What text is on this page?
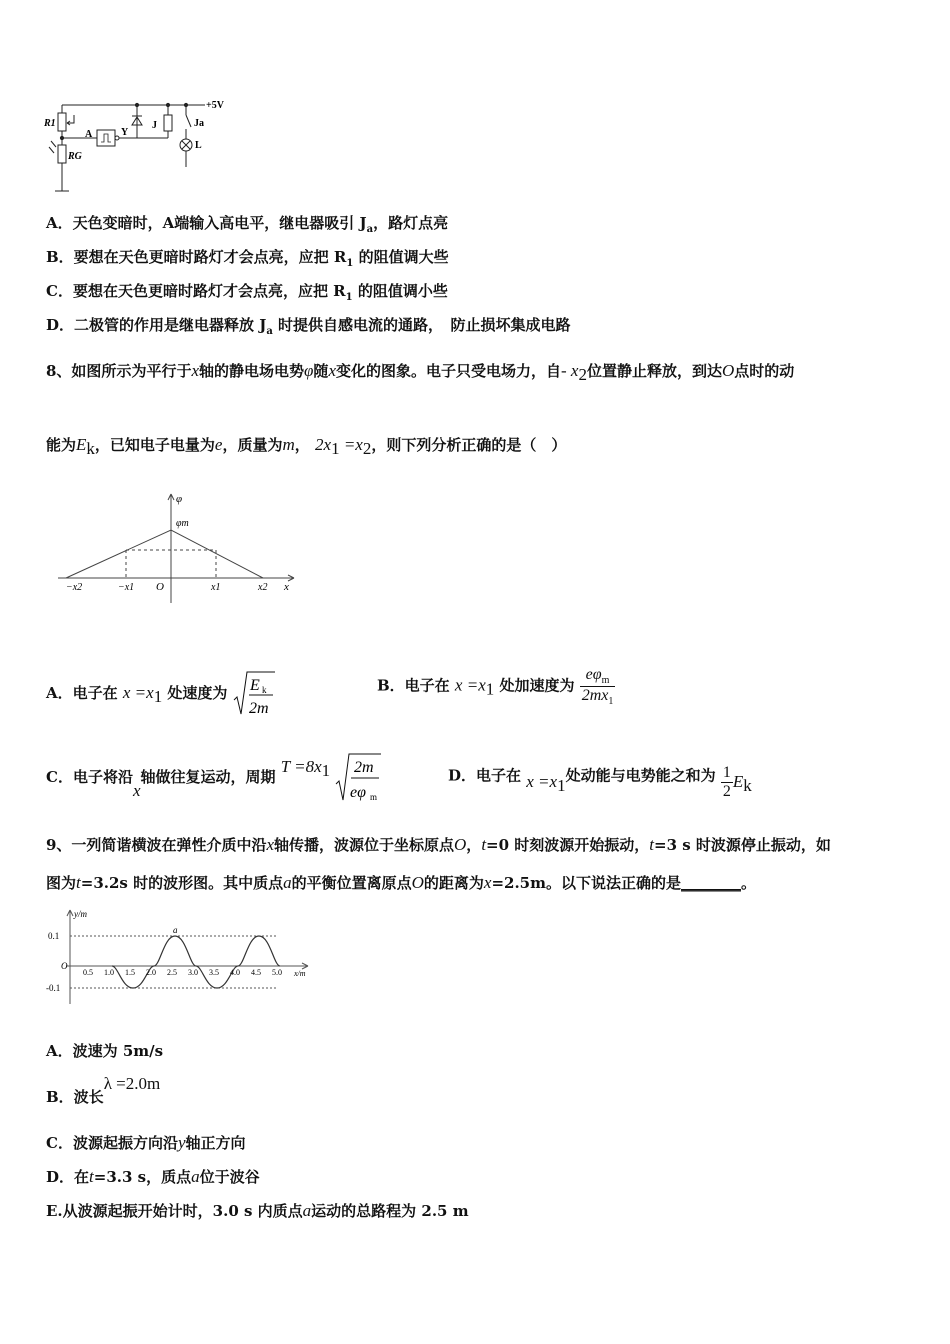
+5V
R1
A	Y
J	Ja
L
RG
A．天色变暗时，A端输入高电平，继电器吸引 $J_a$，路灯点亮
B．要想在天色更暗时路灯才会点亮，应把 $R_1$ 的阻值调大些
C．要想在天色更暗时路灯才会点亮，应把 $R_1$ 的阻值调小些
D．二极管的作用是继电器释放 $J_a$ 时提供自感电流的通路，　防止损坏集成电路
8、如图所示为平行于x轴的静电场电势φ随x变化的图象。电子只受电场力，自- $x_2$位置静止释放，到达O点时的动
能为$E_k$，已知电子电量为e，质量为m， $2x_1 =x_2$，则下列分析正确的是（　）
φ
φm
x
−x2	−x1 O	x1	x2
A．电子在 $x =x_1$ 处速度为 E k
2m
B．电子在 $x =x_1$ 处加速度为 $\frac{e\varphi_m}{2mx_1}$
C．电子将沿x轴做往复运动，周期 $T =8x_1$ 2m
eφ m
D．电子在 $x =x_1$处动能与电势能之和为 $\frac{1}{2} E_k$
9、一列简谐横波在弹性介质中沿x轴传播，波源位于坐标原点O，t=0 时刻波源开始振动，t=3 s 时波源停止振动，如
图为t=3.2s 时的波形图。其中质点a的平衡位置离原点O的距离为x=2.5m。以下说法正确的是________。
0.1
O
-0.1
y/m
x/m
a
0.5 1.0 1.5 2.0 2.5 3.0 3.5 4.0 4.5 5.0
A．波速为 5m/s
B．波长λ =2.0m
C．波源起振方向沿y轴正方向
D．在t=3.3 s，质点a位于波谷
E.从波源起振开始计时，3.0 s 内质点a运动的总路程为 2.5 m
